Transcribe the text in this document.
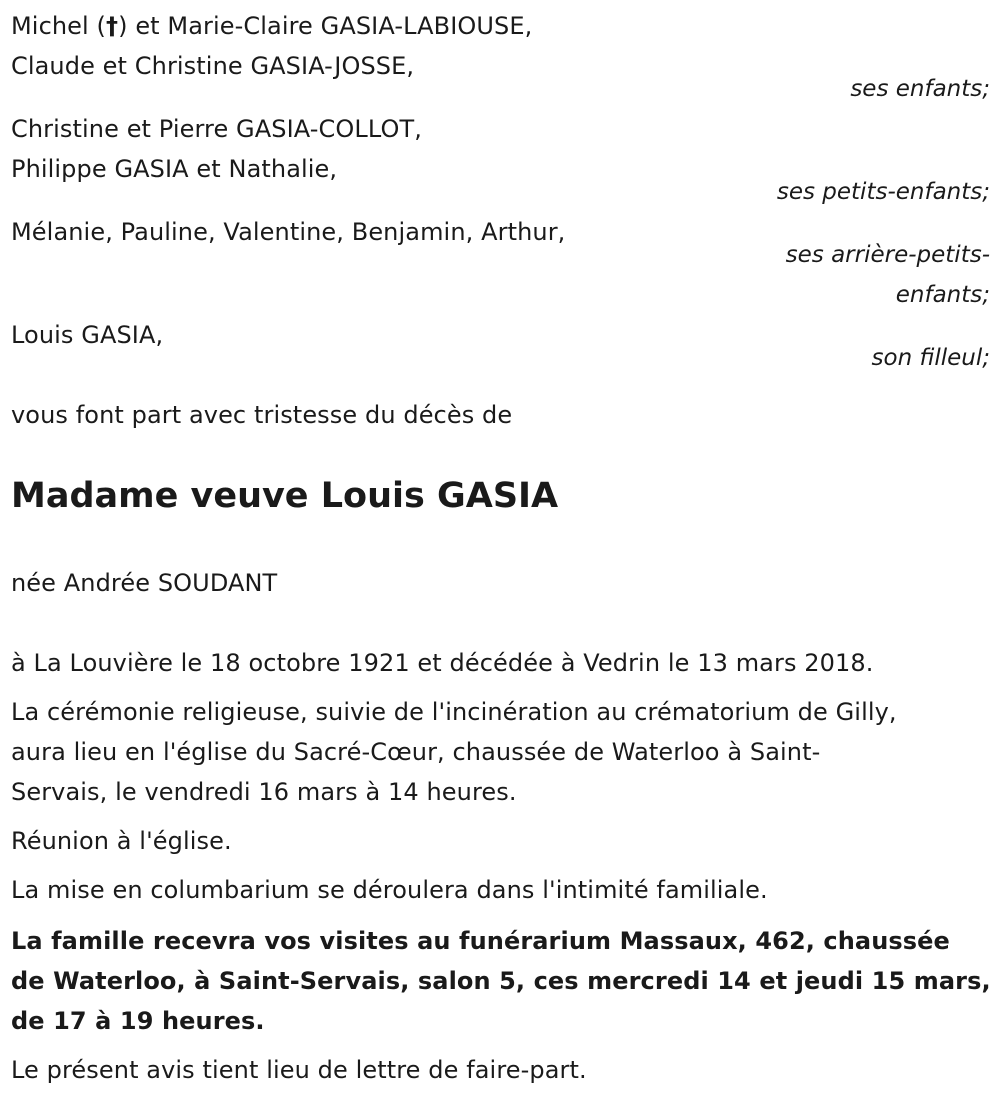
Michel (†) et Marie-Claire GASIA-LABIOUSE,
Claude et Christine GASIA-JOSSE,
ses enfants;
Christine et Pierre GASIA-COLLOT,
Philippe GASIA et Nathalie,
ses petits-enfants;
Mélanie, Pauline, Valentine, Benjamin, Arthur,
ses arrière-petits-
enfants;
Louis GASIA,
son filleul;
vous font part avec tristesse du décès de
Madame veuve Louis GASIA
née Andrée SOUDANT
à La Louvière le 18 octobre 1921 et décédée à Vedrin le 13 mars 2018.
La cérémonie religieuse, suivie de l'incinération au crématorium de Gilly,
aura lieu en l'église du Sacré-Cœur, chaussée de Waterloo à Saint-
Servais, le vendredi 16 mars à 14 heures.
Réunion à l'église.
La mise en columbarium se déroulera dans l'intimité familiale.
La famille recevra vos visites au funérarium Massaux, 462, chaussée
de Waterloo, à Saint-Servais, salon 5, ces mercredi 14 et jeudi 15 mars,
de 17 à 19 heures.
Le présent avis tient lieu de lettre de faire-part.
